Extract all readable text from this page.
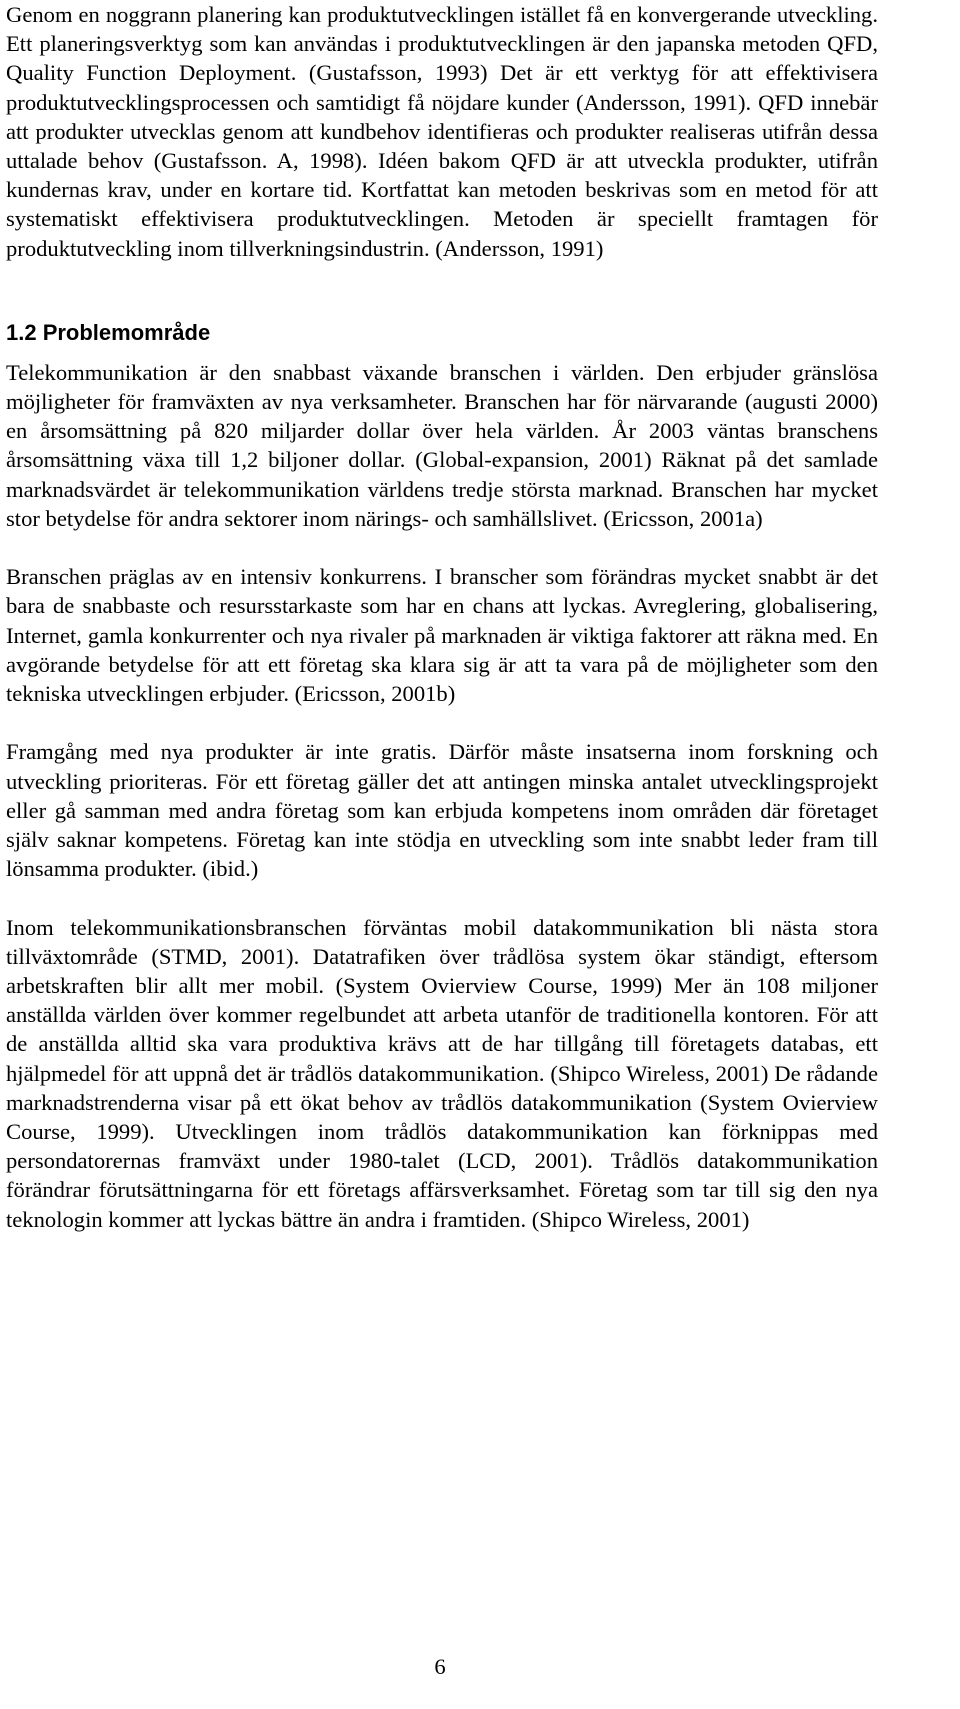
Genom en noggrann planering kan produktutvecklingen istället få en konvergerande utveckling. Ett planeringsverktyg som kan användas i produktutvecklingen är den japanska metoden QFD, Quality Function Deployment. (Gustafsson, 1993) Det är ett verktyg för att effektivisera produktutvecklingsprocessen och samtidigt få nöjdare kunder (Andersson, 1991). QFD innebär att produkter utvecklas genom att kundbehov identifieras och produkter realiseras utifrån dessa uttalade behov (Gustafsson. A, 1998). Idéen bakom QFD är att utveckla produkter, utifrån kundernas krav, under en kortare tid. Kortfattat kan metoden beskrivas som en metod för att systematiskt effektivisera produktutvecklingen. Metoden är speciellt framtagen för produktutveckling inom tillverkningsindustrin. (Andersson, 1991)

1.2 Problemområde

Telekommunikation är den snabbast växande branschen i världen. Den erbjuder gränslösa möjligheter för framväxten av nya verksamheter. Branschen har för närvarande (augusti 2000) en årsomsättning på 820 miljarder dollar över hela världen. År 2003 väntas branschens årsomsättning växa till 1,2 biljoner dollar. (Global-expansion, 2001) Räknat på det samlade marknadsvärdet är telekommunikation världens tredje största marknad. Branschen har mycket stor betydelse för andra sektorer inom närings- och samhällslivet. (Ericsson, 2001a)

Branschen präglas av en intensiv konkurrens. I branscher som förändras mycket snabbt är det bara de snabbaste och resursstarkaste som har en chans att lyckas. Avreglering, globalisering, Internet, gamla konkurrenter och nya rivaler på marknaden är viktiga faktorer att räkna med. En avgörande betydelse för att ett företag ska klara sig är att ta vara på de möjligheter som den tekniska utvecklingen erbjuder. (Ericsson, 2001b)

Framgång med nya produkter är inte gratis. Därför måste insatserna inom forskning och utveckling prioriteras. För ett företag gäller det att antingen minska antalet utvecklingsprojekt eller gå samman med andra företag som kan erbjuda kompetens inom områden där företaget själv saknar kompetens. Företag kan inte stödja en utveckling som inte snabbt leder fram till lönsamma produkter. (ibid.)

Inom telekommunikationsbranschen förväntas mobil datakommunikation bli nästa stora tillväxtområde (STMD, 2001). Datatrafiken över trådlösa system ökar ständigt, eftersom arbetskraften blir allt mer mobil. (System Ovierview Course, 1999) Mer än 108 miljoner anställda världen över kommer regelbundet att arbeta utanför de traditionella kontoren. För att de anställda alltid ska vara produktiva krävs att de har tillgång till företagets databas, ett hjälpmedel för att uppnå det är trådlös datakommunikation. (Shipco Wireless, 2001) De rådande marknadstrenderna visar på ett ökat behov av trådlös datakommunikation (System Ovierview Course, 1999). Utvecklingen inom trådlös datakommunikation kan förknippas med persondatorernas framväxt under 1980-talet (LCD, 2001). Trådlös datakommunikation förändrar förutsättningarna för ett företags affärsverksamhet. Företag som tar till sig den nya teknologin kommer att lyckas bättre än andra i framtiden. (Shipco Wireless, 2001)

6
